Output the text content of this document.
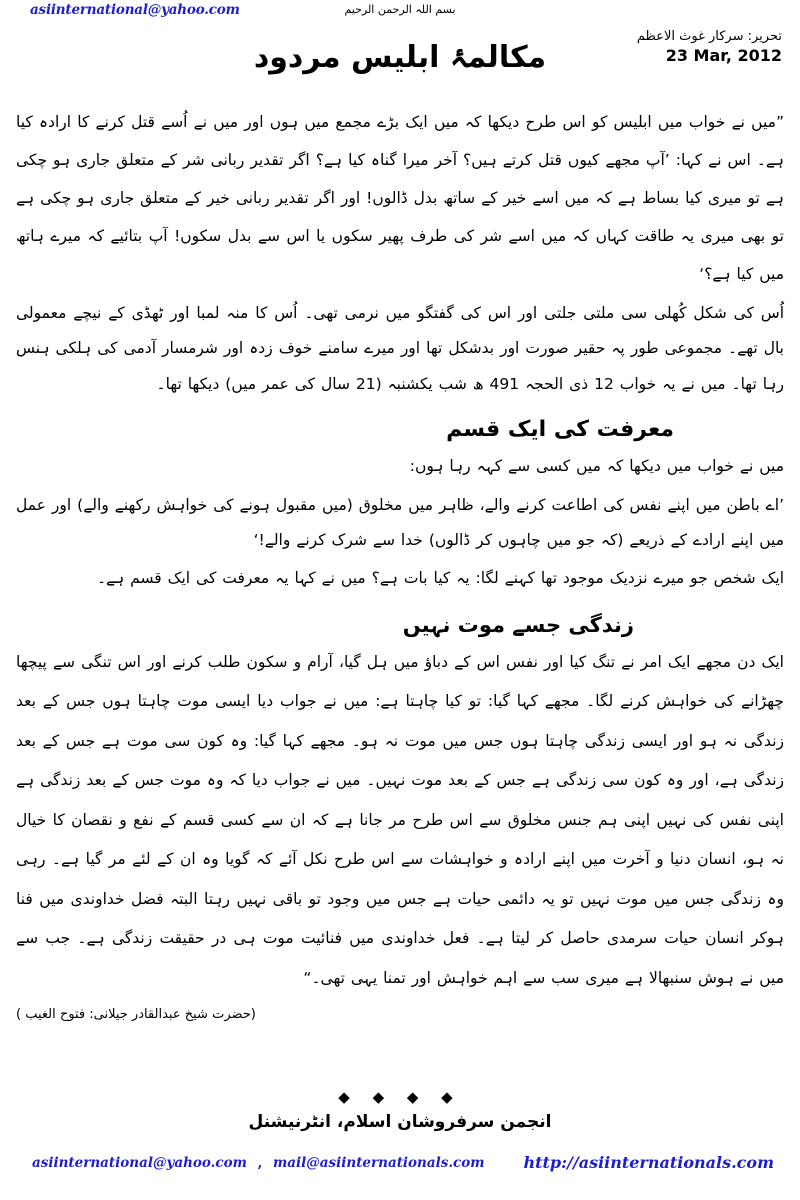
asiinternational@yahoo.com	بسم اللہ الرحمن الرحیم
تحریر: سرکار غوث الاعظم
23 Mar, 2012
مکالمۂ ابلیس مردود

”میں نے خواب میں ابلیس کو اس طرح دیکھا کہ میں ایک بڑے مجمع میں ہوں اور میں نے اُسے قتل کرنے کا ارادہ کیا ہے۔ اس نے کہا: ’آپ مجھے کیوں قتل کرتے ہیں؟ آخر میرا گناہ کیا ہے؟ اگر تقدیر ربانی شر کے متعلق جاری ہو چکی ہے تو میری کیا بساط ہے کہ میں اسے خیر کے ساتھ بدل ڈالوں! اور اگر تقدیر ربانی خیر کے متعلق جاری ہو چکی ہے تو بھی میری یہ طاقت کہاں کہ میں اسے شر کی طرف پھیر سکوں یا اس سے بدل سکوں! آپ بتائیے کہ میرے ہاتھ میں کیا ہے؟‘

اُس کی شکل کُھلی سی ملتی جلتی اور اس کی گفتگو میں نرمی تھی۔ اُس کا منہ لمبا اور ٹھڈی کے نیچے معمولی بال تھے۔ مجموعی طور پہ حقیر صورت اور بدشکل تھا اور میرے سامنے خوف زدہ اور شرمسار آدمی کی ہلکی ہنس رہا تھا۔ میں نے یہ خواب 12 ذی الحجہ 491 ھ شب یکشنبہ (21 سال کی عمر میں) دیکھا تھا۔

معرفت کی ایک قسم

میں نے خواب میں دیکھا کہ میں کسی سے کہہ رہا ہوں:

’اے باطن میں اپنے نفس کی اطاعت کرنے والے، ظاہر میں مخلوق (میں مقبول ہونے کی خواہش رکھنے والے) اور عمل میں اپنے ارادے کے ذریعے (کہ جو میں چاہوں کر ڈالوں) خدا سے شرک کرنے والے!‘

ایک شخص جو میرے نزدیک موجود تھا کہنے لگا: یہ کیا بات ہے؟ میں نے کہا یہ معرفت کی ایک قسم ہے۔

زندگی جسے موت نہیں

ایک دن مجھے ایک امر نے تنگ کیا اور نفس اس کے دباؤ میں ہل گیا، آرام و سکون طلب کرنے اور اس تنگی سے پیچھا چھڑانے کی خواہش کرنے لگا۔ مجھے کہا گیا: تو کیا چاہتا ہے: میں نے جواب دیا ایسی موت چاہتا ہوں جس کے بعد زندگی نہ ہو اور ایسی زندگی چاہتا ہوں جس میں موت نہ ہو۔ مجھے کہا گیا: وہ کون سی موت ہے جس کے بعد زندگی ہے، اور وہ کون سی زندگی ہے جس کے بعد موت نہیں۔ میں نے جواب دیا کہ وہ موت جس کے بعد زندگی ہے اپنی نفس کی نہیں اپنی ہم جنس مخلوق سے اس طرح مر جانا ہے کہ ان سے کسی قسم کے نفع و نقصان کا خیال نہ ہو، انسان دنیا و آخرت میں اپنے ارادہ و خواہشات سے اس طرح نکل آئے کہ گویا وہ ان کے لئے مر گیا ہے۔ رہی وہ زندگی جس میں موت نہیں تو یہ دائمی حیات ہے جس میں وجود تو باقی نہیں رہتا البتہ فضل خداوندی میں فنا ہوکر انسان حیات سرمدی حاصل کر لیتا ہے۔ فعل خداوندی میں فنائیت موت ہی در حقیقت زندگی ہے۔ جب سے میں نے ہوش سنبھالا ہے میری سب سے اہم خواہش اور تمنا یہی تھی۔“

(حضرت شیخ عبدالقادر جیلانی: فتوح الغیب )
◆ ◆ ◆ ◆
انجمن سرفروشان اسلام، انٹرنیشنل
asiinternational@yahoo.com , mail@asiinternationals.com http://asiinternationals.com
